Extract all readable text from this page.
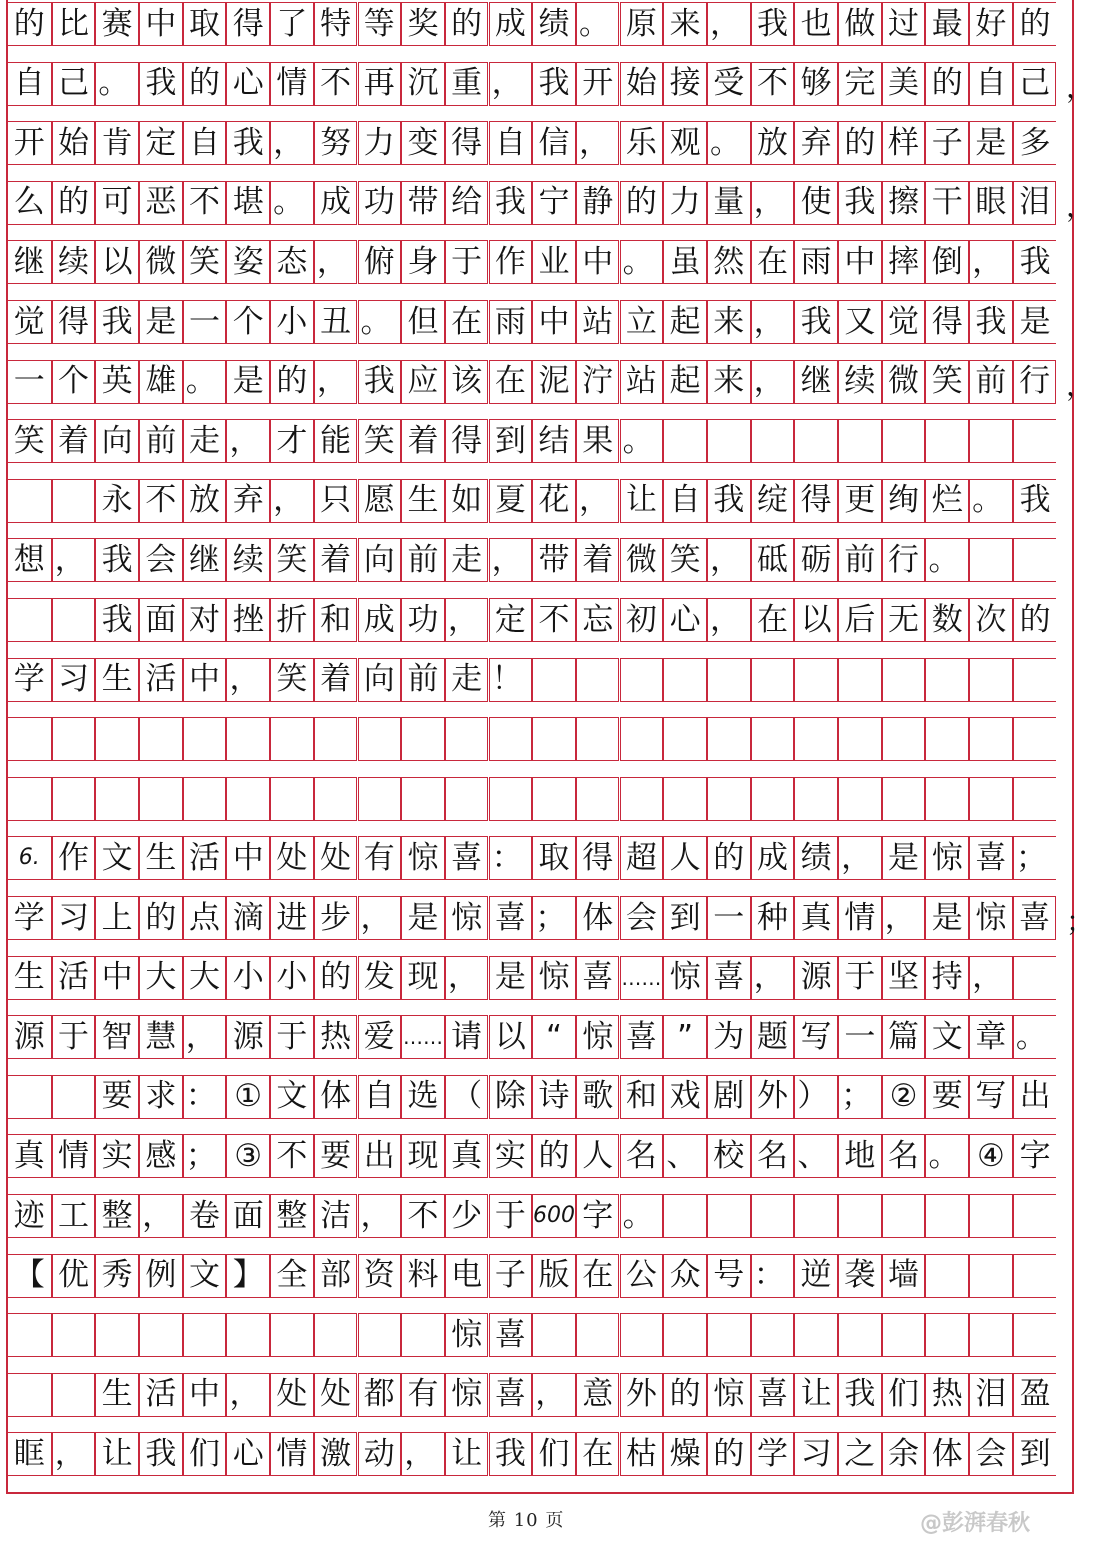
的 比 赛 中 取 得 了 特 等 奖 的 成 绩 。 原 来 ， 我 也 做 过 最 好 的
自 己 。 我 的 心 情 不 再 沉 重 ， 我 开 始 接 受 不 够 完 美 的 自 己 ，
开 始 肯 定 自 我 ， 努 力 变 得 自 信 ， 乐 观 。 放 弃 的 样 子 是 多
么 的 可 恶 不 堪 。 成 功 带 给 我 宁 静 的 力 量 ， 使 我 擦 干 眼 泪 ，
继 续 以 微 笑 姿 态 ， 俯 身 于 作 业 中 。 虽 然 在 雨 中 摔 倒 ， 我
觉 得 我 是 一 个 小 丑 。 但 在 雨 中 站 立 起 来 ， 我 又 觉 得 我 是
一 个 英 雄 。 是 的 ， 我 应 该 在 泥 泞 站 起 来 ， 继 续 微 笑 前 行 ，
笑 着 向 前 走 ， 才 能 笑 着 得 到 结 果 。
永 不 放 弃 ， 只 愿 生 如 夏 花 ， 让 自 我 绽 得 更 绚 烂 。 我
想 ， 我 会 继 续 笑 着 向 前 走 ， 带 着 微 笑 ， 砥 砺 前 行 。
我 面 对 挫 折 和 成 功 ， 定 不 忘 初 心 ， 在 以 后 无 数 次 的
学 习 生 活 中 ， 笑 着 向 前 走 ！
6. 作 文 生 活 中 处 处 有 惊 喜 ： 取 得 超 人 的 成 绩 ， 是 惊 喜 ；
学 习 上 的 点 滴 进 步 ， 是 惊 喜 ； 体 会 到 一 种 真 情 ， 是 惊 喜 ；
生 活 中 大 大 小 小 的 发 现 ， 是 惊 喜 …… 惊 喜 ， 源 于 坚 持 ，
源 于 智 慧 ， 源 于 热 爱 …… 请 以 “ 惊 喜 ” 为 题 写 一 篇 文 章 。
要 求 ： ① 文 体 自 选 （ 除 诗 歌 和 戏 剧 外 ） ； ② 要 写 出
真 情 实 感 ； ③ 不 要 出 现 真 实 的 人 名 、 校 名 、 地 名 。 ④ 字
迹 工 整 ， 卷 面 整 洁 ， 不 少 于 600 字 。
【 优 秀 例 文 】 全 部 资 料 电 子 版 在 公 众 号 ： 逆 袭 墙
惊 喜
生 活 中 ， 处 处 都 有 惊 喜 ， 意 外 的 惊 喜 让 我 们 热 泪 盈
眶 ， 让 我 们 心 情 激 动 ， 让 我 们 在 枯 燥 的 学 习 之 余 体 会 到
第 10 页	@彭湃春秋
